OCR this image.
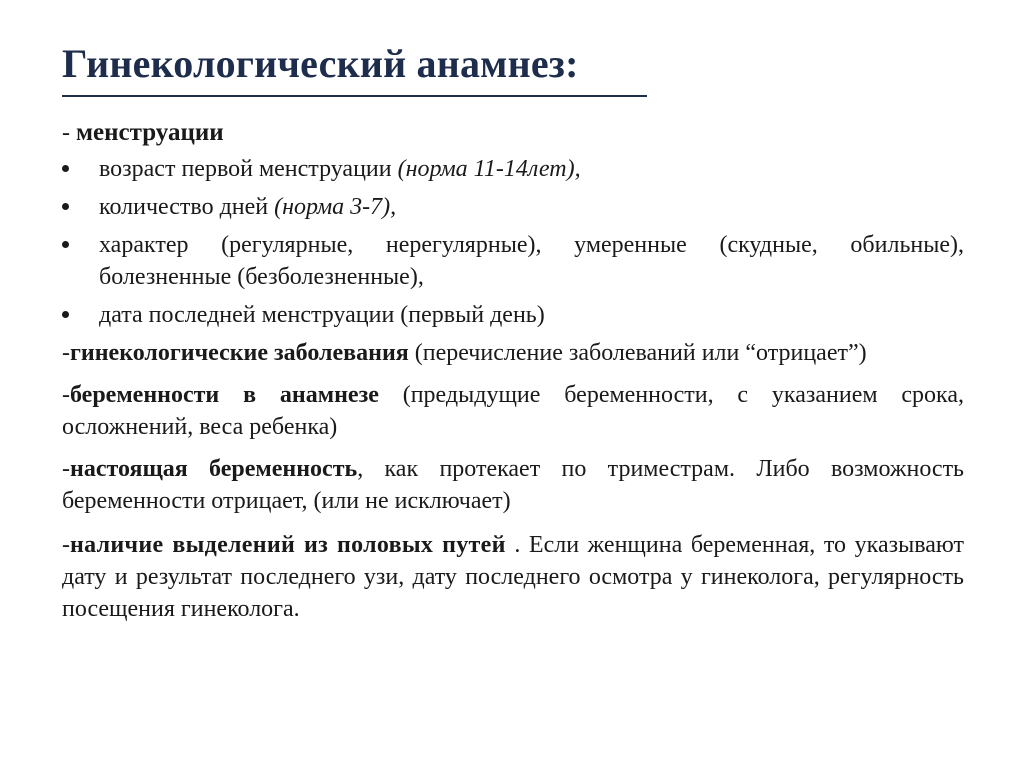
Гинекологический анамнез:
- менструации
возраст первой менструации (норма 11-14лет),
количество дней (норма 3-7),
характер (регулярные, нерегулярные), умеренные (скудные, обильные), болезненные (безболезненные),
дата последней менструации (первый день)
-гинекологические заболевания (перечисление заболеваний или “отрицает”)
-беременности в анамнезе (предыдущие беременности, с указанием срока, осложнений, веса ребенка)
-настоящая беременность, как протекает по триместрам. Либо возможность беременности отрицает, (или не исключает)
-наличие выделений из половых путей . Если женщина беременная, то указывают дату и результат последнего узи, дату последнего осмотра у гинеколога, регулярность посещения гинеколога.
